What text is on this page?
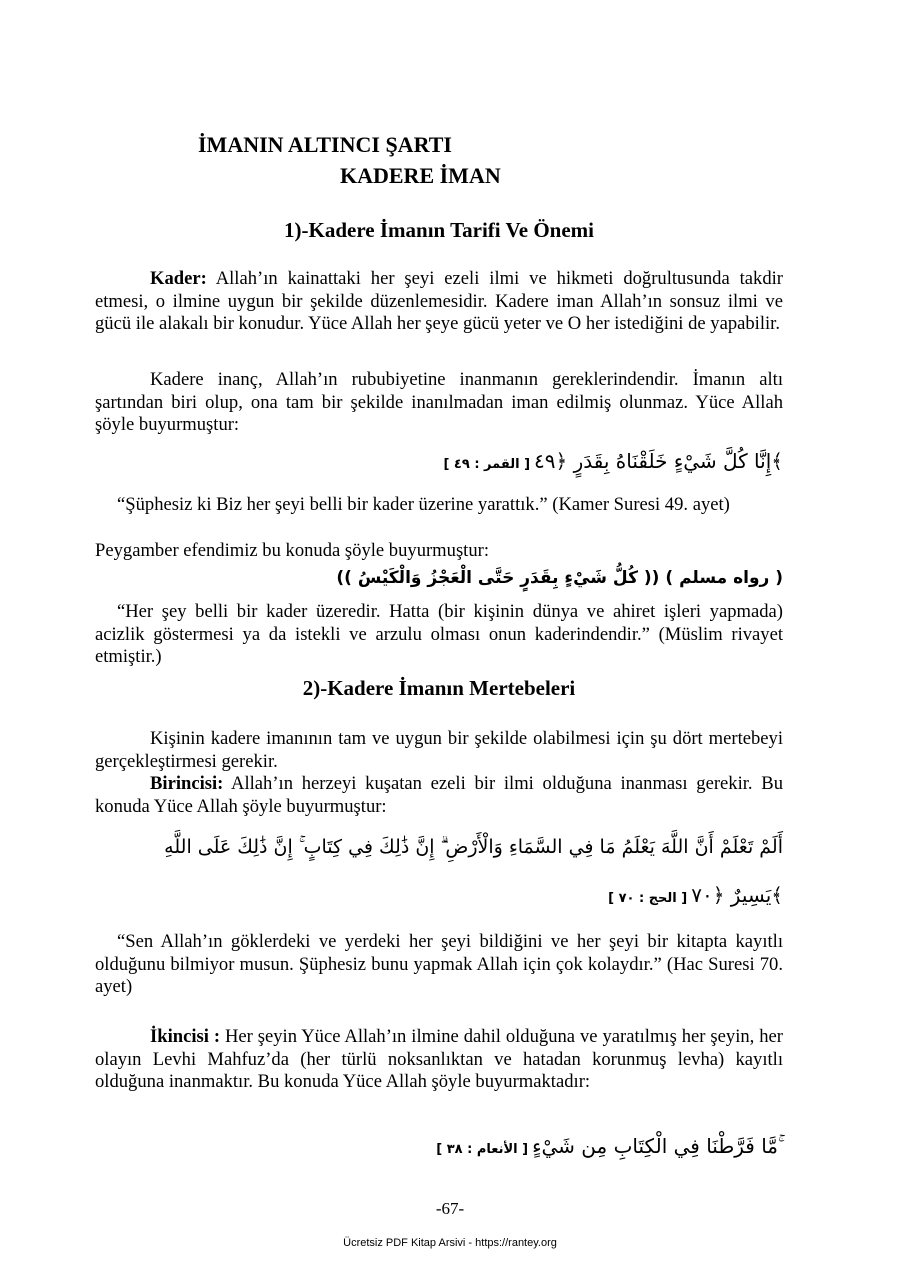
İMANIN ALTINCI ŞARTI
KADERE İMAN
1)-Kadere İmanın Tarifi Ve Önemi

Kader: Allah’ın kainattaki her şeyi ezeli ilmi ve hikmeti doğrultusunda takdir etmesi, o ilmine uygun bir şekilde düzenlemesidir. Kadere iman Allah’ın sonsuz ilmi ve gücü ile alakalı bir konudur. Yüce Allah her şeye gücü yeter ve O her istediğini de yapabilir.

Kadere inanç, Allah’ın rububiyetine inanmanın gereklerindendir. İmanın altı şartından biri olup, ona tam bir şekilde inanılmadan iman edilmiş olunmaz. Yüce Allah şöyle buyurmuştur:

[ القمر : ٤٩ ] إِنَّا كُلَّ شَيْءٍ خَلَقْنَاهُ بِقَدَرٍ ﴿٤٩﴾

“Şüphesiz ki Biz her şeyi belli bir kader üzerine yarattık.” (Kamer Suresi 49. ayet)

Peygamber efendimiz bu konuda şöyle buyurmuştur:

(( كُلُّ شَيْءٍ بِقَدَرٍ حَتَّى الْعَجْزُ وَالْكَيْسُ )) ( رواه مسلم )

“Her şey belli bir kader üzeredir. Hatta (bir kişinin dünya ve ahiret işleri yapmada) acizlik göstermesi ya da istekli ve arzulu olması onun kaderindendir.” (Müslim rivayet etmiştir.)

2)-Kadere İmanın Mertebeleri

Kişinin kadere imanının tam ve uygun bir şekilde olabilmesi için şu dört mertebeyi gerçekleştirmesi gerekir.

Birincisi: Allah’ın herzeyi kuşatan ezeli bir ilmi olduğuna inanması gerekir. Bu konuda Yüce Allah şöyle buyurmuştur:

أَلَمْ تَعْلَمْ أَنَّ اللَّهَ يَعْلَمُ مَا فِي السَّمَاءِ وَالْأَرْضِ ۗ إِنَّ ذَٰلِكَ فِي كِتَابٍ ۚ إِنَّ ذَٰلِكَ عَلَى اللَّهِ
[ الحج : ٧٠ ] يَسِيرٌ ﴿٧٠﴾

“Sen Allah’ın göklerdeki ve yerdeki her şeyi bildiğini ve her şeyi bir kitapta kayıtlı olduğunu bilmiyor musun. Şüphesiz bunu yapmak Allah için çok kolaydır.” (Hac Suresi 70. ayet)

İkincisi : Her şeyin Yüce Allah’ın ilmine dahil olduğuna ve yaratılmış her şeyin, her olayın Levhi Mahfuz’da (her türlü noksanlıktan ve hatadan korunmuş levha) kayıtlı olduğuna inanmaktır. Bu konuda Yüce Allah şöyle buyurmaktadır:

[ الأنعام : ٣٨ ] مَّا فَرَّطْنَا فِي الْكِتَابِ مِن شَيْءٍ ۚ
-67-
Ücretsiz PDF Kitap Arsivi - https://rantey.org
